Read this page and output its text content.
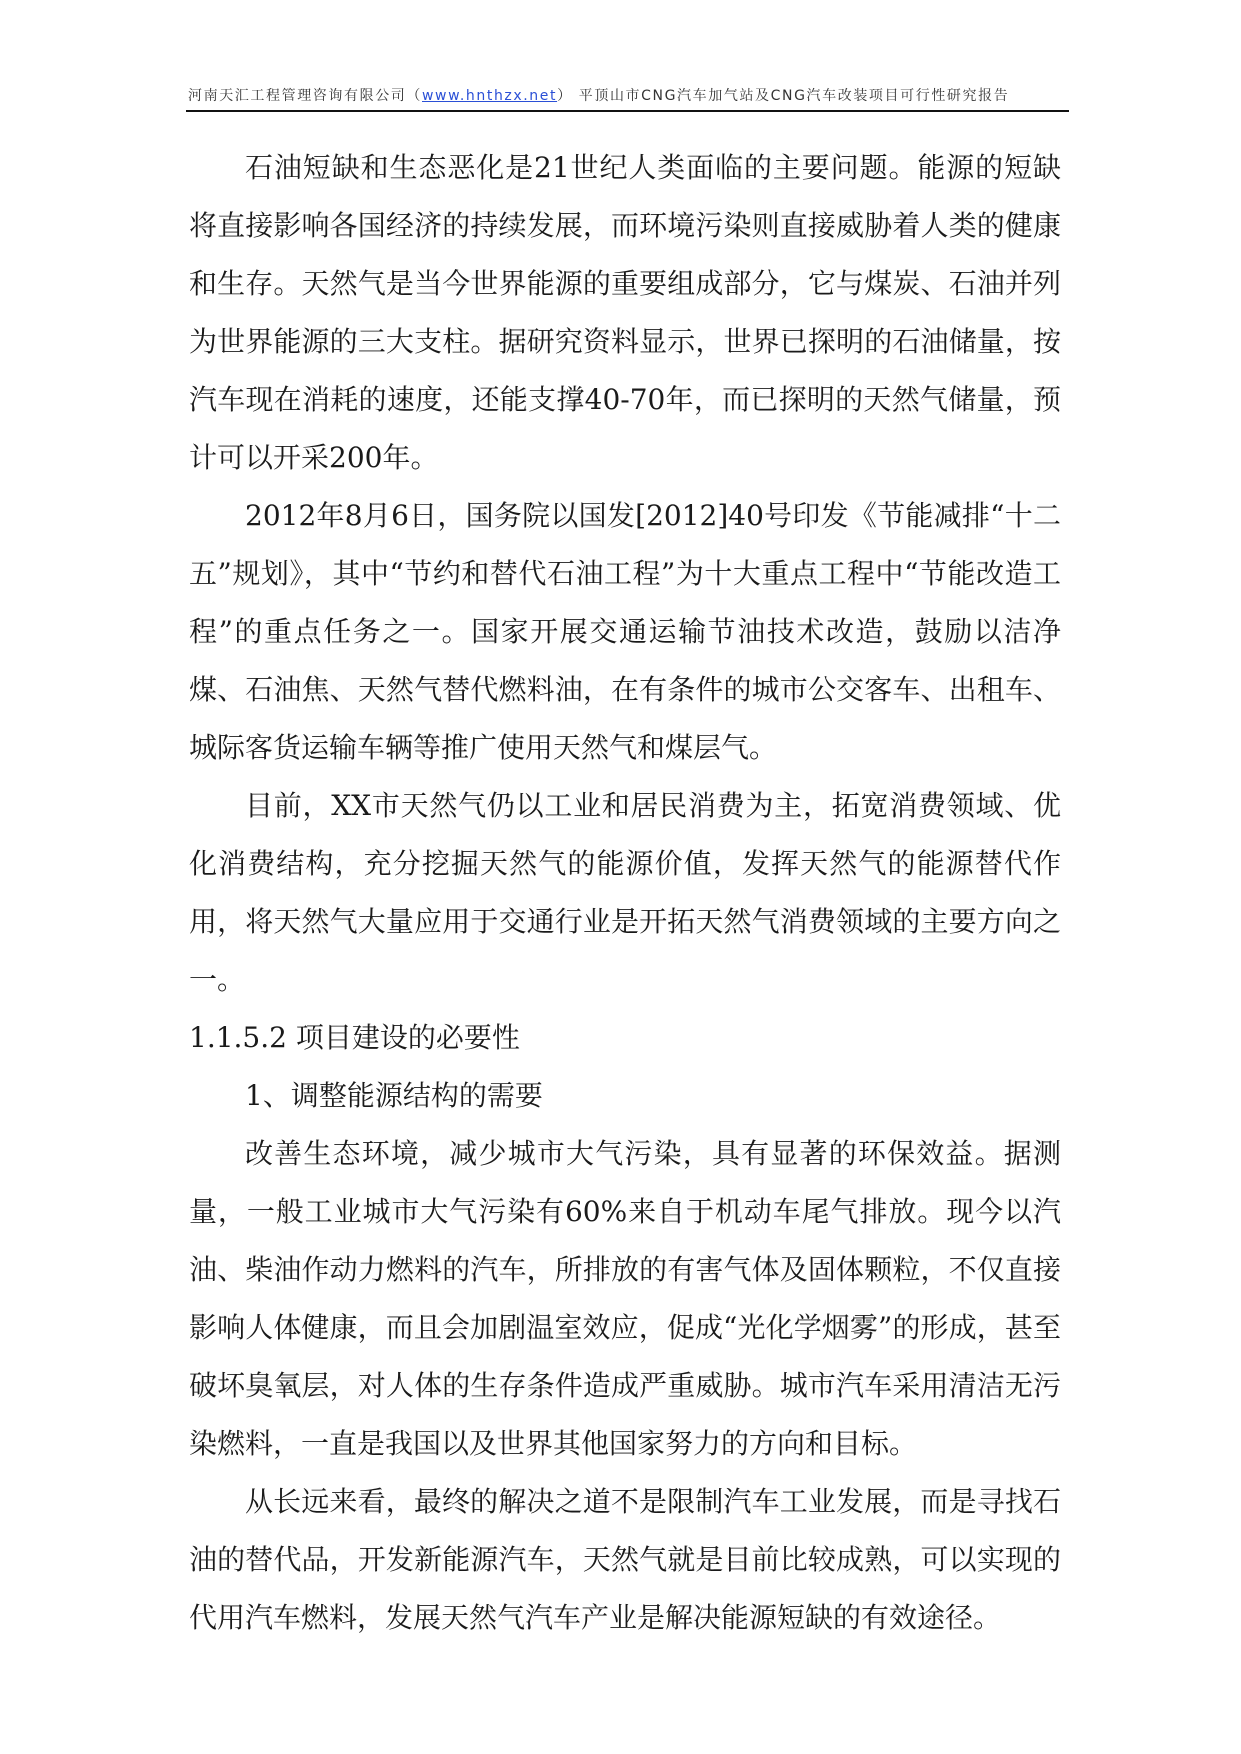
河南天汇工程管理咨询有限公司（www.hnthzx.net） 平顶山市CNG汽车加气站及CNG汽车改装项目可行性研究报告

石油短缺和生态恶化是21世纪人类面临的主要问题。能源的短缺将直接影响各国经济的持续发展，而环境污染则直接威胁着人类的健康和生存。天然气是当今世界能源的重要组成部分，它与煤炭、石油并列为世界能源的三大支柱。据研究资料显示，世界已探明的石油储量，按汽车现在消耗的速度，还能支撑40-70年，而已探明的天然气储量，预计可以开采200年。

2012年8月6日，国务院以国发[2012]40号印发《节能减排“十二五”规划》，其中“节约和替代石油工程”为十大重点工程中“节能改造工程”的重点任务之一。国家开展交通运输节油技术改造，鼓励以洁净煤、石油焦、天然气替代燃料油，在有条件的城市公交客车、出租车、城际客货运输车辆等推广使用天然气和煤层气。

目前，XX市天然气仍以工业和居民消费为主，拓宽消费领域、优化消费结构，充分挖掘天然气的能源价值，发挥天然气的能源替代作用，将天然气大量应用于交通行业是开拓天然气消费领域的主要方向之一。

1.1.5.2 项目建设的必要性

1、调整能源结构的需要

改善生态环境，减少城市大气污染，具有显著的环保效益。据测量，一般工业城市大气污染有60%来自于机动车尾气排放。现今以汽油、柴油作动力燃料的汽车，所排放的有害气体及固体颗粒，不仅直接影响人体健康，而且会加剧温室效应，促成“光化学烟雾”的形成，甚至破坏臭氧层，对人体的生存条件造成严重威胁。城市汽车采用清洁无污染燃料，一直是我国以及世界其他国家努力的方向和目标。

从长远来看，最终的解决之道不是限制汽车工业发展，而是寻找石油的替代品，开发新能源汽车，天然气就是目前比较成熟，可以实现的代用汽车燃料，发展天然气汽车产业是解决能源短缺的有效途径。
